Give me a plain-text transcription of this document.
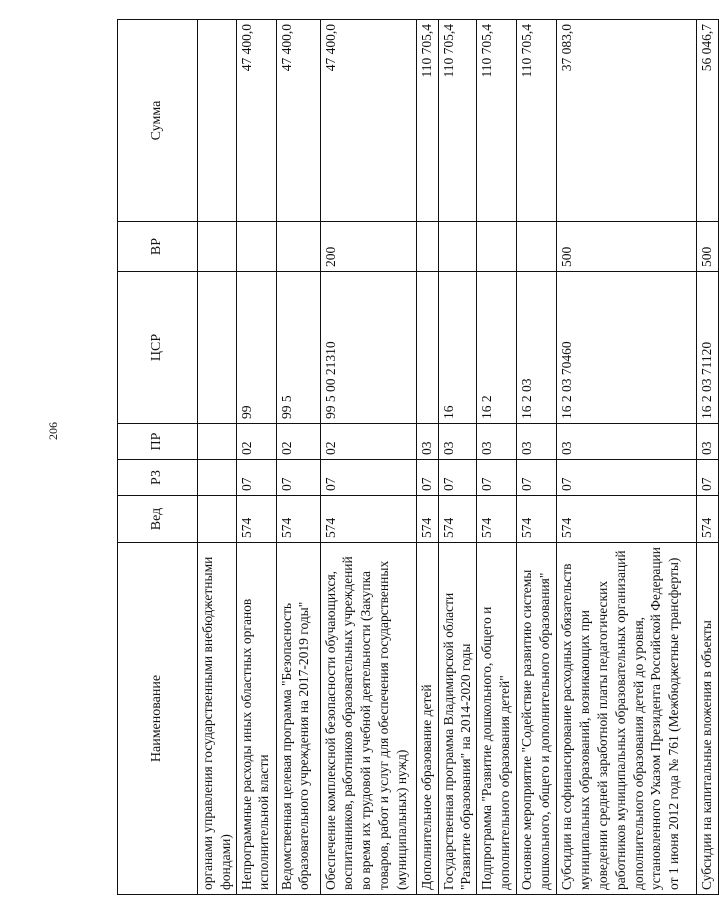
206
Наименование	Вед	РЗ	ПР	ЦСР	ВР	Сумма
органами управления государственными внебюджетными фондами)						
Непрограммные расходы иных областных органов исполнительной власти	574	07	02	99		47 400,0
Ведомственная целевая программа "Безопасность образовательного учреждения на 2017-2019 годы"	574	07	02	99 5		47 400,0
Обеспечение комплексной безопасности обучающихся, воспитанников, работников образовательных учреждений во время их трудовой и учебной деятельности (Закупка товаров, работ и услуг для обеспечения государственных (муниципальных) нужд)	574	07	02	99 5 00 21310	200	47 400,0
Дополнительное образование детей	574	07	03			110 705,4
Государственная программа Владимирской области "Развитие образования" на 2014-2020 годы	574	07	03	16		110 705,4
Подпрограмма "Развитие дошкольного, общего и дополнительного образования детей"	574	07	03	16 2		110 705,4
Основное мероприятие "Содействие развитию системы дошкольного, общего и дополнительного образования"	574	07	03	16 2 03		110 705,4
Субсидии на софинансирование расходных обязательств муниципальных образований, возникающих при доведении средней заработной платы педагогических работников муниципальных образовательных организаций дополнительного образования детей до уровня, установленного Указом Президента Российской Федерации от 1 июня 2012 года № 761 (Межбюджетные трансферты)	574	07	03	16 2 03 70460	500	37 083,0
Субсидии на капитальные вложения в объекты	574	07	03	16 2 03 71120	500	56 046,7
